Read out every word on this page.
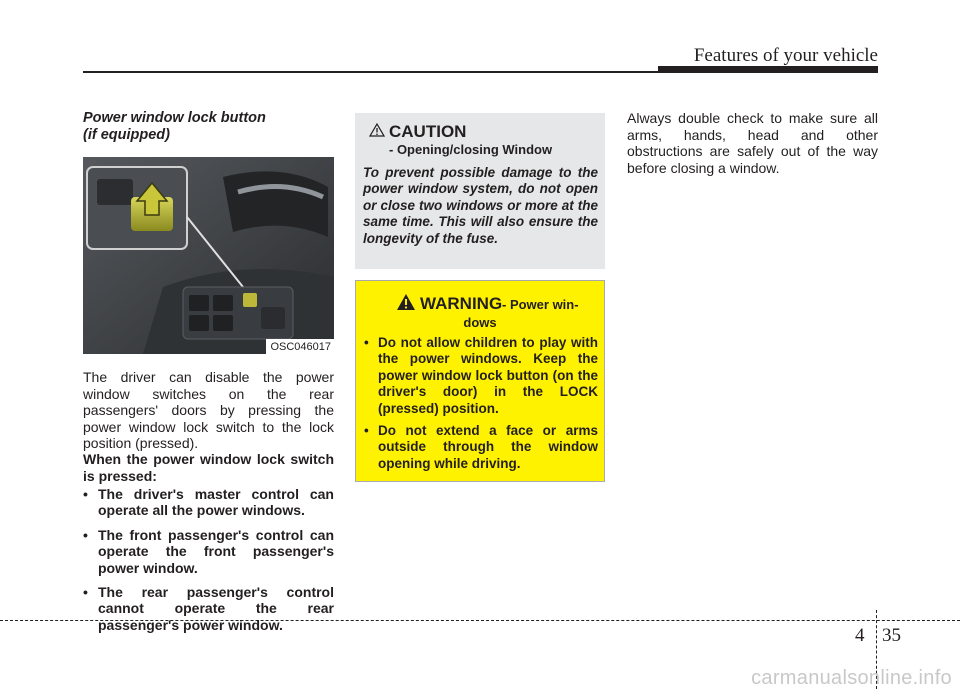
Features of your vehicle

Power window lock button
(if equipped)

OSC046017
The driver can disable the power window switches on the rear passengers' doors by pressing the power window lock switch to the lock position (pressed).
When the power window lock switch is pressed:
• The driver's master control can operate all the power windows.
• The front passenger's control can operate the front passenger's power window.
• The rear passenger's control cannot operate the rear passenger's power window.
CAUTION
- Opening/closing Window
To prevent possible damage to the power window system, do not open or close two windows or more at the same time. This will also ensure the longevity of the fuse.
WARNING - Power win-
dows
• Do not allow children to play with the power windows. Keep the power window lock button (on the driver's door) in the LOCK (pressed) position.
• Do not extend a face or arms outside through the window opening while driving.
Always double check to make sure all arms, hands, head and other obstructions are safely out of the way before closing a window.
4 35
carmanualsonline.info
